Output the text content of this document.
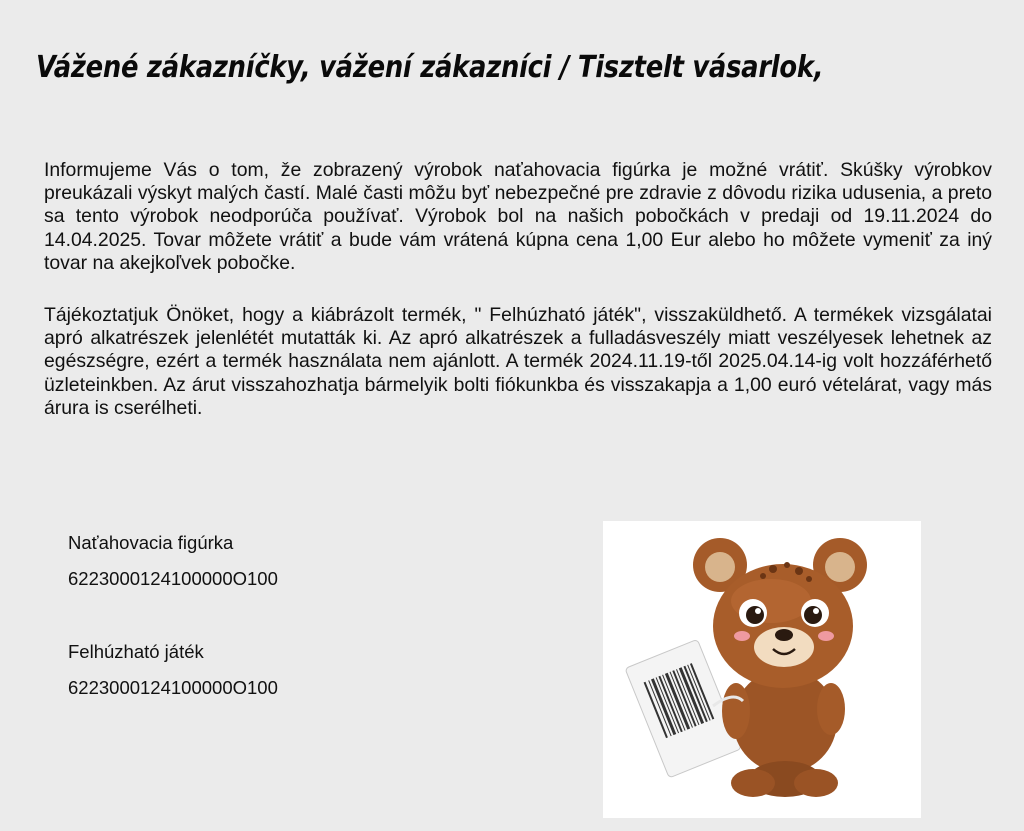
Vážené zákazníčky, vážení zákazníci / Tisztelt vásarlok,

Informujeme Vás o tom, že zobrazený výrobok naťahovacia figúrka je možné vrátiť. Skúšky výrobkov preukázali výskyt malých častí. Malé časti môžu byť nebezpečné pre zdravie z dôvodu rizika udusenia, a preto sa tento výrobok neodporúča používať. Výrobok bol na našich pobočkách v predaji od 19.11.2024 do 14.04.2025. Tovar môžete vrátiť a bude vám vrátená kúpna cena 1,00 Eur alebo ho môžete vymeniť za iný tovar na akejkoľvek pobočke.

Tájékoztatjuk Önöket, hogy a kiábrázolt termék, " Felhúzható játék", visszaküldhető. A termékek vizsgálatai apró alkatrészek jelenlétét mutatták ki. Az apró alkatrészek a fulladásveszély miatt veszélyesek lehetnek az egészségre, ezért a termék használata nem ajánlott. A termék 2024.11.19-től 2025.04.14-ig volt hozzáférhető üzleteinkben. Az árut visszahozhatja bármelyik bolti fiókunkba és visszakapja a 1,00 euró vételárat, vagy más árura is cserélheti.

Naťahovacia figúrka
6223000124100000O100
Felhúzható játék
6223000124100000O100
